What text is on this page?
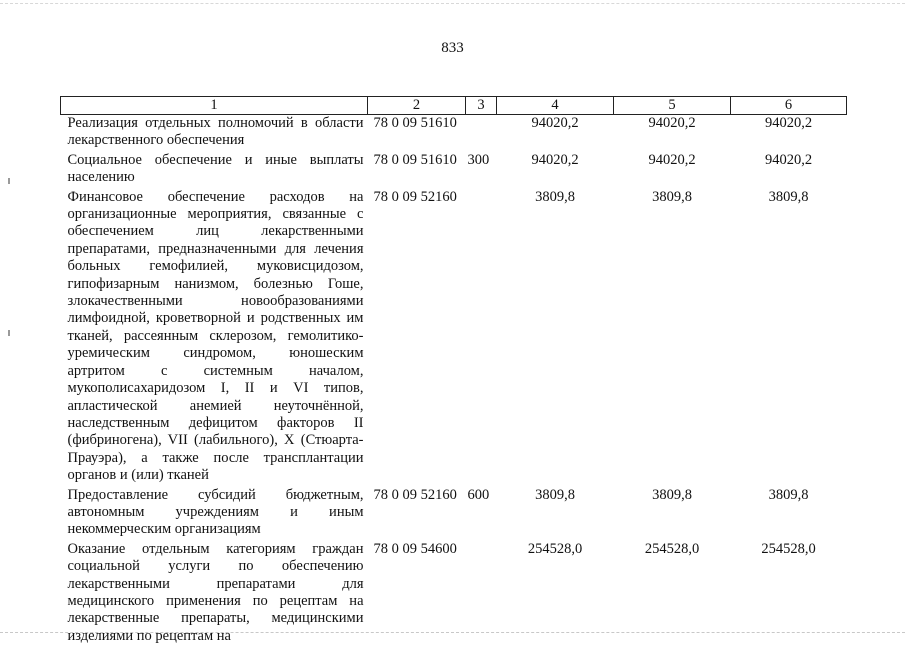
833
1	2	3	4	5	6
Реализация отдельных полномочий в области лекарственного обеспечения	78 0 09 51610		94020,2	94020,2	94020,2
Социальное обеспечение и иные выплаты населению	78 0 09 51610	300	94020,2	94020,2	94020,2
Финансовое обеспечение расходов на организационные мероприятия, связанные с обеспечением лиц лекарственными препаратами, предназначенными для лечения больных гемофилией, муковисцидозом, гипофизарным нанизмом, болезнью Гоше, злокачественными новообразованиями лимфоидной, кроветворной и родственных им тканей, рассеянным склерозом, гемолитико-уремическим синдромом, юношеским артритом с системным началом, мукополисахаридозом I, II и VI типов, апластической анемией неуточнённой, наследственным дефицитом факторов II (фибриногена), VII (лабильного), X (Стюарта-Прауэра), а также после трансплантации органов и (или) тканей	78 0 09 52160		3809,8	3809,8	3809,8
Предоставление субсидий бюджетным, автономным учреждениям и иным некоммерческим организациям	78 0 09 52160	600	3809,8	3809,8	3809,8
Оказание отдельным категориям граждан социальной услуги по обеспечению лекарственными препаратами для медицинского применения по рецептам на лекарственные препараты, медицинскими изделиями по рецептам на	78 0 09 54600		254528,0	254528,0	254528,0
